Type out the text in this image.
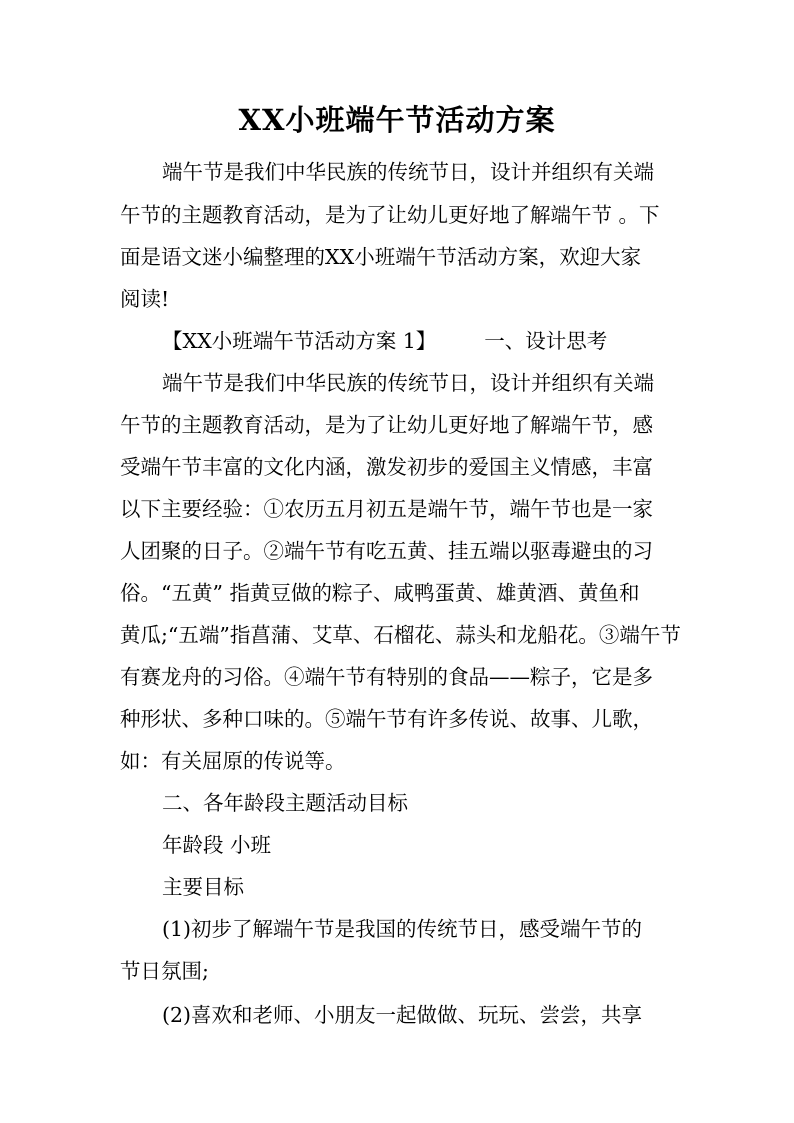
XX小班端午节活动方案

端午节是我们中华民族的传统节日，设计并组织有关端

午节的主题教育活动，是为了让幼儿更好地了解端午节 。下

面是语文迷小编整理的XX小班端午节活动方案，欢迎大家

阅读!

【XX小班端午节活动方案 1】 一、设计思考

端午节是我们中华民族的传统节日，设计并组织有关端

午节的主题教育活动，是为了让幼儿更好地了解端午节，感

受端午节丰富的文化内涵，激发初步的爱国主义情感，丰富

以下主要经验：①农历五月初五是端午节，端午节也是一家

人团聚的日子。②端午节有吃五黄、挂五端以驱毒避虫的习

俗。“五黄” 指黄豆做的粽子、咸鸭蛋黄、雄黄酒、黄鱼和

黄瓜;“五端”指菖蒲、艾草、石榴花、蒜头和龙船花。③端午节

有赛龙舟的习俗。④端午节有特别的食品——粽子，它是多

种形状、多种口味的。⑤端午节有许多传说、故事、儿歌，

如：有关屈原的传说等。

二、各年龄段主题活动目标

年龄段 小班

主要目标

(1)初步了解端午节是我国的传统节日，感受端午节的

节日氛围;

(2)喜欢和老师、小朋友一起做做、玩玩、尝尝，共享
